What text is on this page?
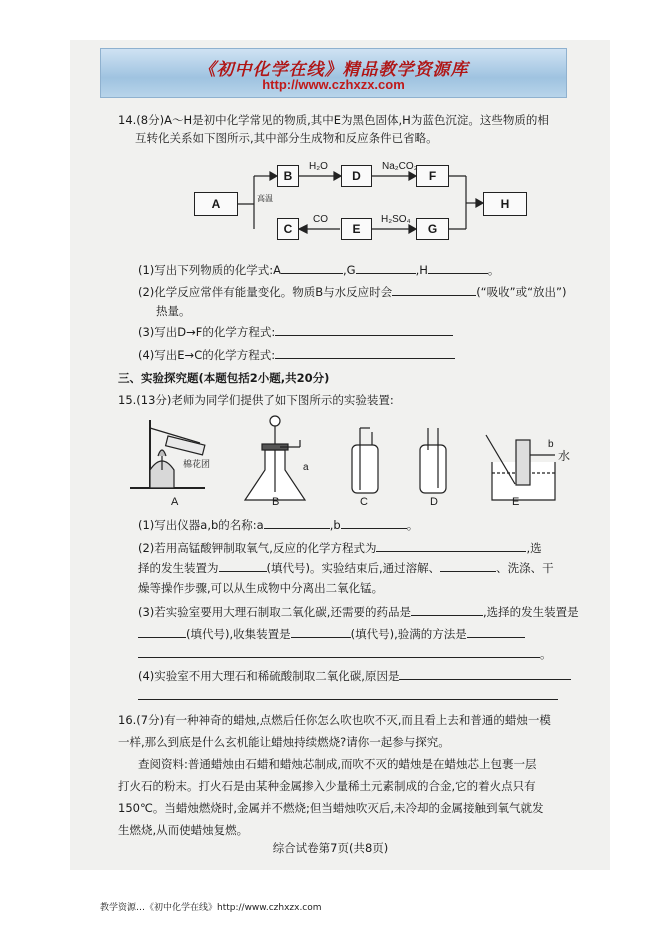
《初中化学在线》精品教学资源库
http://www.czhxzx.com
14.(8分)A～H是初中化学常见的物质,其中E为黑色固体,H为蓝色沉淀。这些物质的相
互转化关系如下图所示,其中部分生成物和反应条件已省略。
A
B	D	F
H
C	E	G
高温
H₂O	Na₂CO₃
CO	H₂SO₄
(1)写出下列物质的化学式:A	,G	,H	。
(2)化学反应常伴有能量变化。物质B与水反应时会	(“吸收”或“放出”)
热量。
(3)写出D→F的化学方程式:
(4)写出E→C的化学方程式:
三、实验探究题(本题包括2小题,共20分)
15.(13分)老师为同学们提供了如下图所示的实验装置:
A	B	C	D	E
棉花团	a
b
水
(1)写出仪器a,b的名称:a	,b	。
(2)若用高锰酸钾制取氧气,反应的化学方程式为	,选
择的发生装置为	(填代号)。实验结束后,通过溶解、	、洗涤、干
燥等操作步骤,可以从生成物中分离出二氧化锰。
(3)若实验室要用大理石制取二氧化碳,还需要的药品是	,选择的发生装置是
(填代号),收集装置是	(填代号),验满的方法是
。
(4)实验室不用大理石和稀硫酸制取二氧化碳,原因是
16.(7分)有一种神奇的蜡烛,点燃后任你怎么吹也吹不灭,而且看上去和普通的蜡烛一模
一样,那么到底是什么玄机能让蜡烛持续燃烧?请你一起参与探究。
查阅资料:普通蜡烛由石蜡和蜡烛芯制成,而吹不灭的蜡烛是在蜡烛芯上包裹一层
打火石的粉末。打火石是由某种金属掺入少量稀土元素制成的合金,它的着火点只有
150℃。当蜡烛燃烧时,金属并不燃烧;但当蜡烛吹灭后,未冷却的金属接触到氧气就发
生燃烧,从而使蜡烛复燃。
综合试卷第7页(共8页)
教学资源…《初中化学在线》http://www.czhxzx.com
